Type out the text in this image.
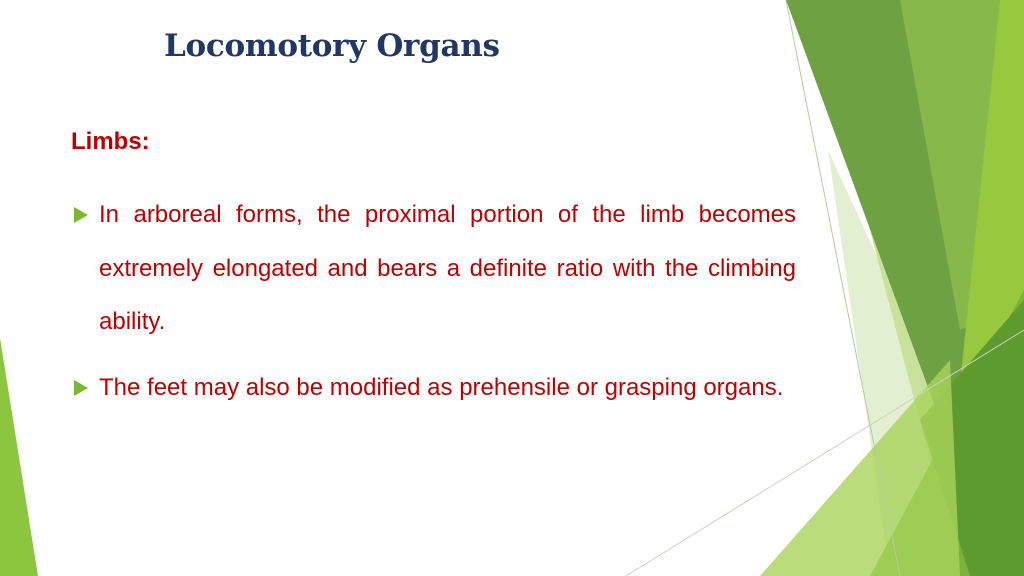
Locomotory Organs
Limbs:
In arboreal forms, the proximal portion of the limb becomes extremely elongated and bears a definite ratio with the climbing ability.
The feet may also be modified as prehensile or grasping organs.
